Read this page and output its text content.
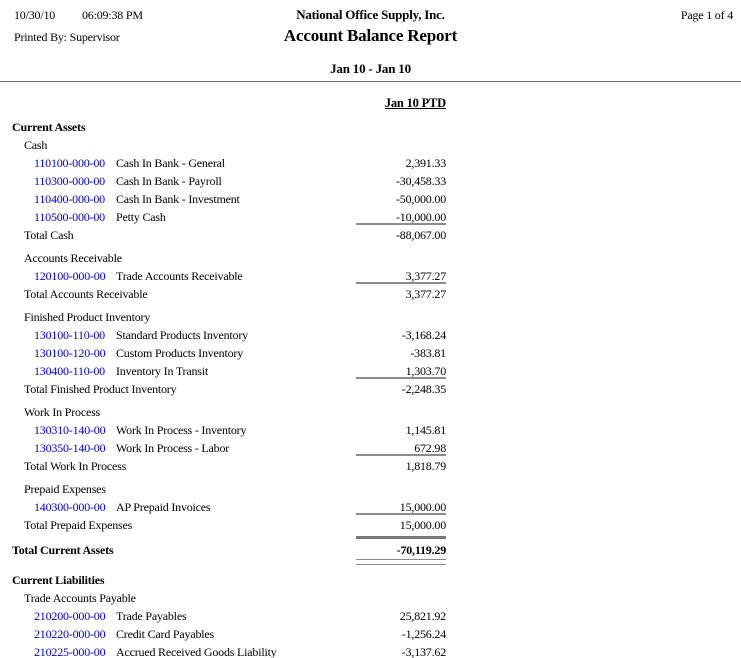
10/30/10 06:09:38 PM	National Office Supply, Inc.	Page 1 of 4
Printed By: Supervisor	Account Balance Report
Jan 10 - Jan 10
Jan 10 PTD
Current Assets
Cash
110100-000-00 Cash In Bank - General	2,391.33
110300-000-00 Cash In Bank - Payroll	-30,458.33
110400-000-00 Cash In Bank - Investment	-50,000.00
110500-000-00 Petty Cash	-10,000.00
Total Cash	-88,067.00
Accounts Receivable
120100-000-00 Trade Accounts Receivable	3,377.27
Total Accounts Receivable	3,377.27
Finished Product Inventory
130100-110-00 Standard Products Inventory	-3,168.24
130100-120-00 Custom Products Inventory	-383.81
130400-110-00 Inventory In Transit	1,303.70
Total Finished Product Inventory	-2,248.35
Work In Process
130310-140-00 Work In Process - Inventory	1,145.81
130350-140-00 Work In Process - Labor	672.98
Total Work In Process	1,818.79
Prepaid Expenses
140300-000-00 AP Prepaid Invoices	15,000.00
Total Prepaid Expenses	15,000.00
Total Current Assets	-70,119.29
Current Liabilities
Trade Accounts Payable
210200-000-00 Trade Payables	25,821.92
210220-000-00 Credit Card Payables	-1,256.24
210225-000-00 Accrued Received Goods Liability	-3,137.62
